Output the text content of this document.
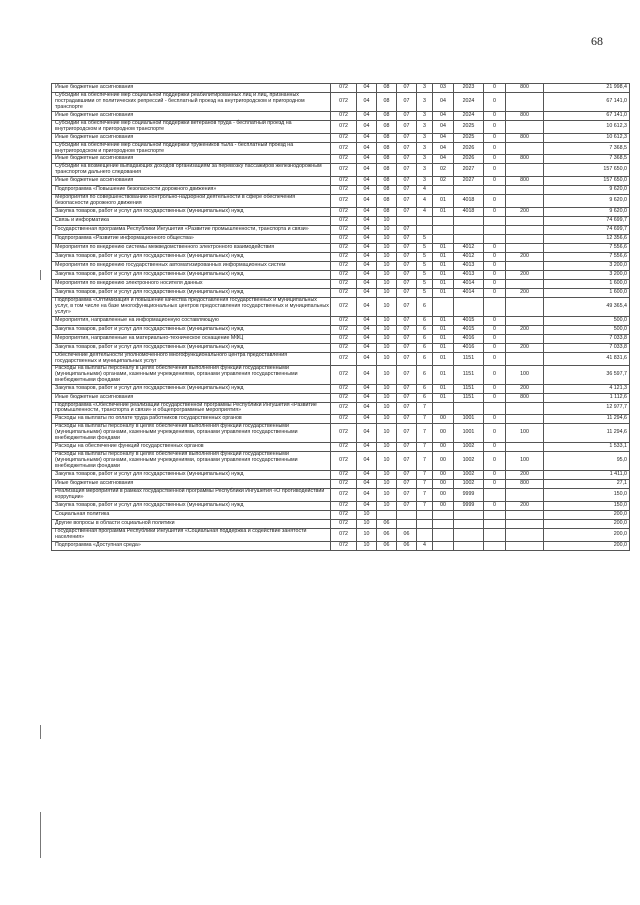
68
Иные бюджетные ассигнования	072	04	08	07	3	03	2023	0	800	21 998,4
Субсидии на обеспечение мер социальной поддержки реабилитированных лиц и лиц, признанных пострадавшими от политических репрессий - бесплатный проезд на внутригородском и пригородном транспорте	072	04	08	07	3	04	2024	0		67 141,0
Иные бюджетные ассигнования	072	04	08	07	3	04	2024	0	800	67 141,0
Субсидии на обеспечение мер социальной поддержки ветеранов труда - бесплатный проезд на внутригородском и пригородном транспорте	072	04	08	07	3	04	2025	0		10 612,3
Иные бюджетные ассигнования	072	04	08	07	3	04	2025	0	800	10 612,3
Субсидии на обеспечение мер социальной поддержки тружеников тыла - бесплатный проезд на внутригородском и пригородном транспорте	072	04	08	07	3	04	2026	0		7 368,5
Иные бюджетные ассигнования	072	04	08	07	3	04	2026	0	800	7 368,5
Субсидии на возмещение выпадающих доходов организациям за перевозку пассажиров железнодорожным транспортом дальнего следования	072	04	08	07	3	02	2027	0		157 650,0
Иные бюджетные ассигнования	072	04	08	07	3	02	2027	0	800	157 650,0
Подпрограмма «Повышение безопасности дорожного движения»	072	04	08	07	4					9 620,0
Мероприятия по совершенствованию контрольно-надзорной деятельности в сфере обеспечения безопасности дорожного движения	072	04	08	07	4	01	4018	0		9 620,0
Закупка товаров, работ и услуг для государственных (муниципальных) нужд	072	04	08	07	4	01	4018	0	200	9 620,0
Связь и информатика	072	04	10							74 699,7
Государственная программа Республики Ингушетия «Развитие промышленности, транспорта и связи»	072	04	10	07						74 699,7
Подпрограмма «Развитие информационного общества»	072	04	10	07	5					12 356,6
Мероприятия по внедрению системы межведомственного электронного взаимодействия	072	04	10	07	5	01	4012	0		7 556,6
Закупка товаров, работ и услуг для государственных (муниципальных) нужд	072	04	10	07	5	01	4012	0	200	7 556,6
Мероприятия по внедрению государственных автоматизированных информационных систем	072	04	10	07	5	01	4013	0		3 200,0
Закупка товаров, работ и услуг для государственных (муниципальных) нужд	072	04	10	07	5	01	4013	0	200	3 200,0
Мероприятия по внедрению электронного носителя данных	072	04	10	07	5	01	4014	0		1 600,0
Закупка товаров, работ и услуг для государственных (муниципальных) нужд	072	04	10	07	5	01	4014	0	200	1 600,0
Подпрограмма «Оптимизация и повышение качества предоставления государственных и муниципальных услуг, в том числе на базе многофункциональных центров предоставления государственных и муниципальных услуг»	072	04	10	07	6					49 365,4
Мероприятия, направленные на информационную составляющую	072	04	10	07	6	01	4015	0		500,0
Закупка товаров, работ и услуг для государственных (муниципальных) нужд	072	04	10	07	6	01	4015	0	200	500,0
Мероприятия, направленные на материально-техническое оснащение МФЦ	072	04	10	07	6	01	4016	0		7 033,8
Закупка товаров, работ и услуг для государственных (муниципальных) нужд	072	04	10	07	6	01	4016	0	200	7 033,8
Обеспечение деятельности уполномоченного многофункционального центра предоставления государственных и муниципальных услуг	072	04	10	07	6	01	1151	0		41 831,6
Расходы на выплаты персоналу в целях обеспечения выполнения функций государственными (муниципальными) органами, казенными учреждениями, органами управления государственными внебюджетными фондами	072	04	10	07	6	01	1151	0	100	36 597,7
Закупка товаров, работ и услуг для государственных (муниципальных) нужд	072	04	10	07	6	01	1151	0	200	4 121,3
Иные бюджетные ассигнования	072	04	10	07	6	01	1151	0	800	1 112,6
Подпрограмма «Обеспечение реализации государственной программы Республики Ингушетия «Развитие промышленности, транспорта и связи» и общепрограммные мероприятия»	072	04	10	07	7					12 977,7
Расходы на выплаты по оплате труда работников государственных органов	072	04	10	07	7	00	1001	0		11 294,6
Расходы на выплаты персоналу в целях обеспечения выполнения функций государственными (муниципальными) органами, казенными учреждениями, органами управления государственными внебюджетными фондами	072	04	10	07	7	00	1001	0	100	11 294,6
Расходы на обеспечение функций государственных органов	072	04	10	07	7	00	1002	0		1 533,1
Расходы на выплаты персоналу в целях обеспечения выполнения функций государственными (муниципальными) органами, казенными учреждениями, органами управления государственными внебюджетными фондами	072	04	10	07	7	00	1002	0	100	95,0
Закупка товаров, работ и услуг для государственных (муниципальных) нужд	072	04	10	07	7	00	1002	0	200	1 411,0
Иные бюджетные ассигнования	072	04	10	07	7	00	1002	0	800	27,1
Реализация мероприятий в рамках государственной программы Республики Ингушетия «О противодействии коррупции»	072	04	10	07	7	00	9999			150,0
Закупка товаров, работ и услуг для государственных (муниципальных) нужд	072	04	10	07	7	00	9999	0	200	150,0
Социальная политика	072	10								200,0
Другие вопросы в области социальной политики	072	10	06							200,0
Государственная программа Республики Ингушетия «Социальная поддержка и содействие занятости населения»	072	10	06	06						200,0
Подпрограмма «Доступная среда»	072	10	06	06	4					200,0
